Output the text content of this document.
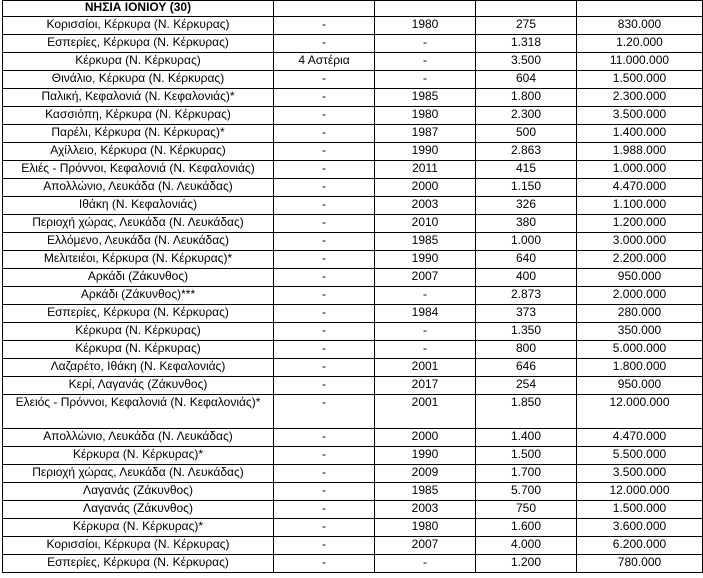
ΝΗΣΙΑ ΙΟΝΙΟΥ (30)				
Κορισσίοι, Κέρκυρα (Ν. Κέρκυρας)	-	1980	275	830.000
Εσπερίες, Κέρκυρα (Ν. Κέρκυρας)	-	-	1.318	1.20.000
Κέρκυρα (Ν. Κέρκυρας)	4 Αστέρια	-	3.500	11.000.000
Θινάλιο, Κέρκυρα (Ν. Κέρκυρας)	-	-	604	1.500.000
Παλική, Κεφαλονιά (Ν. Κεφαλονιάς)*	-	1985	1.800	2.300.000
Κασσιόπη, Κέρκυρα (Ν. Κέρκυρας)	-	1980	2.300	3.500.000
Παρέλι, Κέρκυρα (Ν. Κέρκυρας)*	-	1987	500	1.400.000
Αχίλλειο, Κέρκυρα (Ν. Κέρκυρας)	-	1990	2.863	1.988.000
Ελιές - Πρόννοι, Κεφαλονιά (Ν. Κεφαλονιάς)	-	2011	415	1.000.000
Απολλώνιο, Λευκάδα (Ν. Λευκάδας)	-	2000	1.150	4.470.000
Ιθάκη (Ν. Κεφαλονιάς)	-	2003	326	1.100.000
Περιοχή χώρας, Λευκάδα (Ν. Λευκάδας)	-	2010	380	1.200.000
Ελλόμενο, Λευκάδα (Ν. Λευκάδας)	-	1985	1.000	3.000.000
Μελιτειέοι, Κέρκυρα (Ν. Κέρκυρας)*	-	1990	640	2.200.000
Αρκάδι (Ζάκυνθος)	-	2007	400	950.000
Αρκάδι (Ζάκυνθος)***	-	-	2.873	2.000.000
Εσπερίες, Κέρκυρα (Ν. Κέρκυρας)	-	1984	373	280.000
Κέρκυρα (Ν. Κέρκυρας)	-	-	1.350	350.000
Κέρκυρα (Ν. Κέρκυρας)	-	-	800	5.000.000
Λαζαρέτο, Ιθάκη (Ν. Κεφαλονιάς)	-	2001	646	1.800.000
Κερί, Λαγανάς (Ζάκυνθος)	-	2017	254	950.000
Ελειός - Πρόννοι, Κεφαλονιά (Ν. Κεφαλονιάς)*	-	2001	1.850	12.000.000
Απολλώνιο, Λευκάδα (Ν. Λευκάδας)	-	2000	1.400	4.470.000
Κέρκυρα (Ν. Κέρκυρας)*	-	1990	1.500	5.500.000
Περιοχή χώρας, Λευκάδα (Ν. Λευκάδας)	-	2009	1.700	3.500.000
Λαγανάς (Ζάκυνθος)	-	1985	5.700	12.000.000
Λαγανάς (Ζάκυνθος)	-	2003	750	1.500.000
Κέρκυρα (Ν. Κέρκυρας)*	-	1980	1.600	3.600.000
Κορισσίοι, Κέρκυρα (Ν. Κέρκυρας)	-	2007	4.000	6.200.000
Εσπερίες, Κέρκυρα (Ν. Κέρκυρας)	-	-	1.200	780.000
